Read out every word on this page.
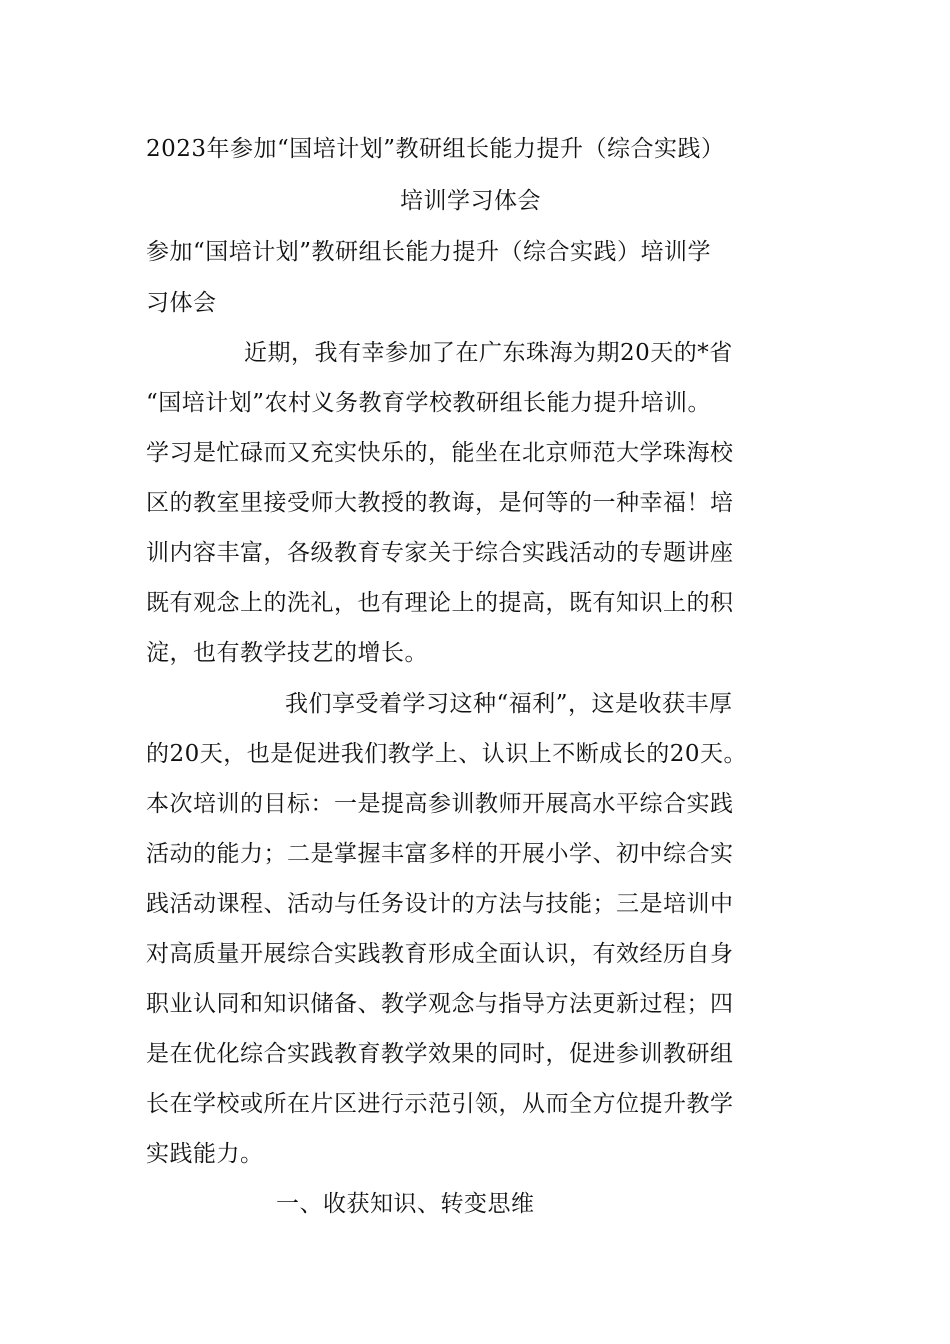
2023年参加“国培计划”教研组长能力提升（综合实践）
培训学习体会
参加“国培计划”教研组长能力提升（综合实践）培训学
习体会
近期，我有幸参加了在广东珠海为期20天的*省
“国培计划”农村义务教育学校教研组长能力提升培训。
学习是忙碌而又充实快乐的，能坐在北京师范大学珠海校
区的教室里接受师大教授的教诲，是何等的一种幸福！培
训内容丰富，各级教育专家关于综合实践活动的专题讲座
既有观念上的洗礼，也有理论上的提高，既有知识上的积
淀，也有教学技艺的增长。
我们享受着学习这种“福利”，这是收获丰厚
的20天，也是促进我们教学上、认识上不断成长的20天。
本次培训的目标：一是提高参训教师开展高水平综合实践
活动的能力；二是掌握丰富多样的开展小学、初中综合实
践活动课程、活动与任务设计的方法与技能；三是培训中
对高质量开展综合实践教育形成全面认识，有效经历自身
职业认同和知识储备、教学观念与指导方法更新过程；四
是在优化综合实践教育教学效果的同时，促进参训教研组
长在学校或所在片区进行示范引领，从而全方位提升教学
实践能力。
一、收获知识、转变思维
